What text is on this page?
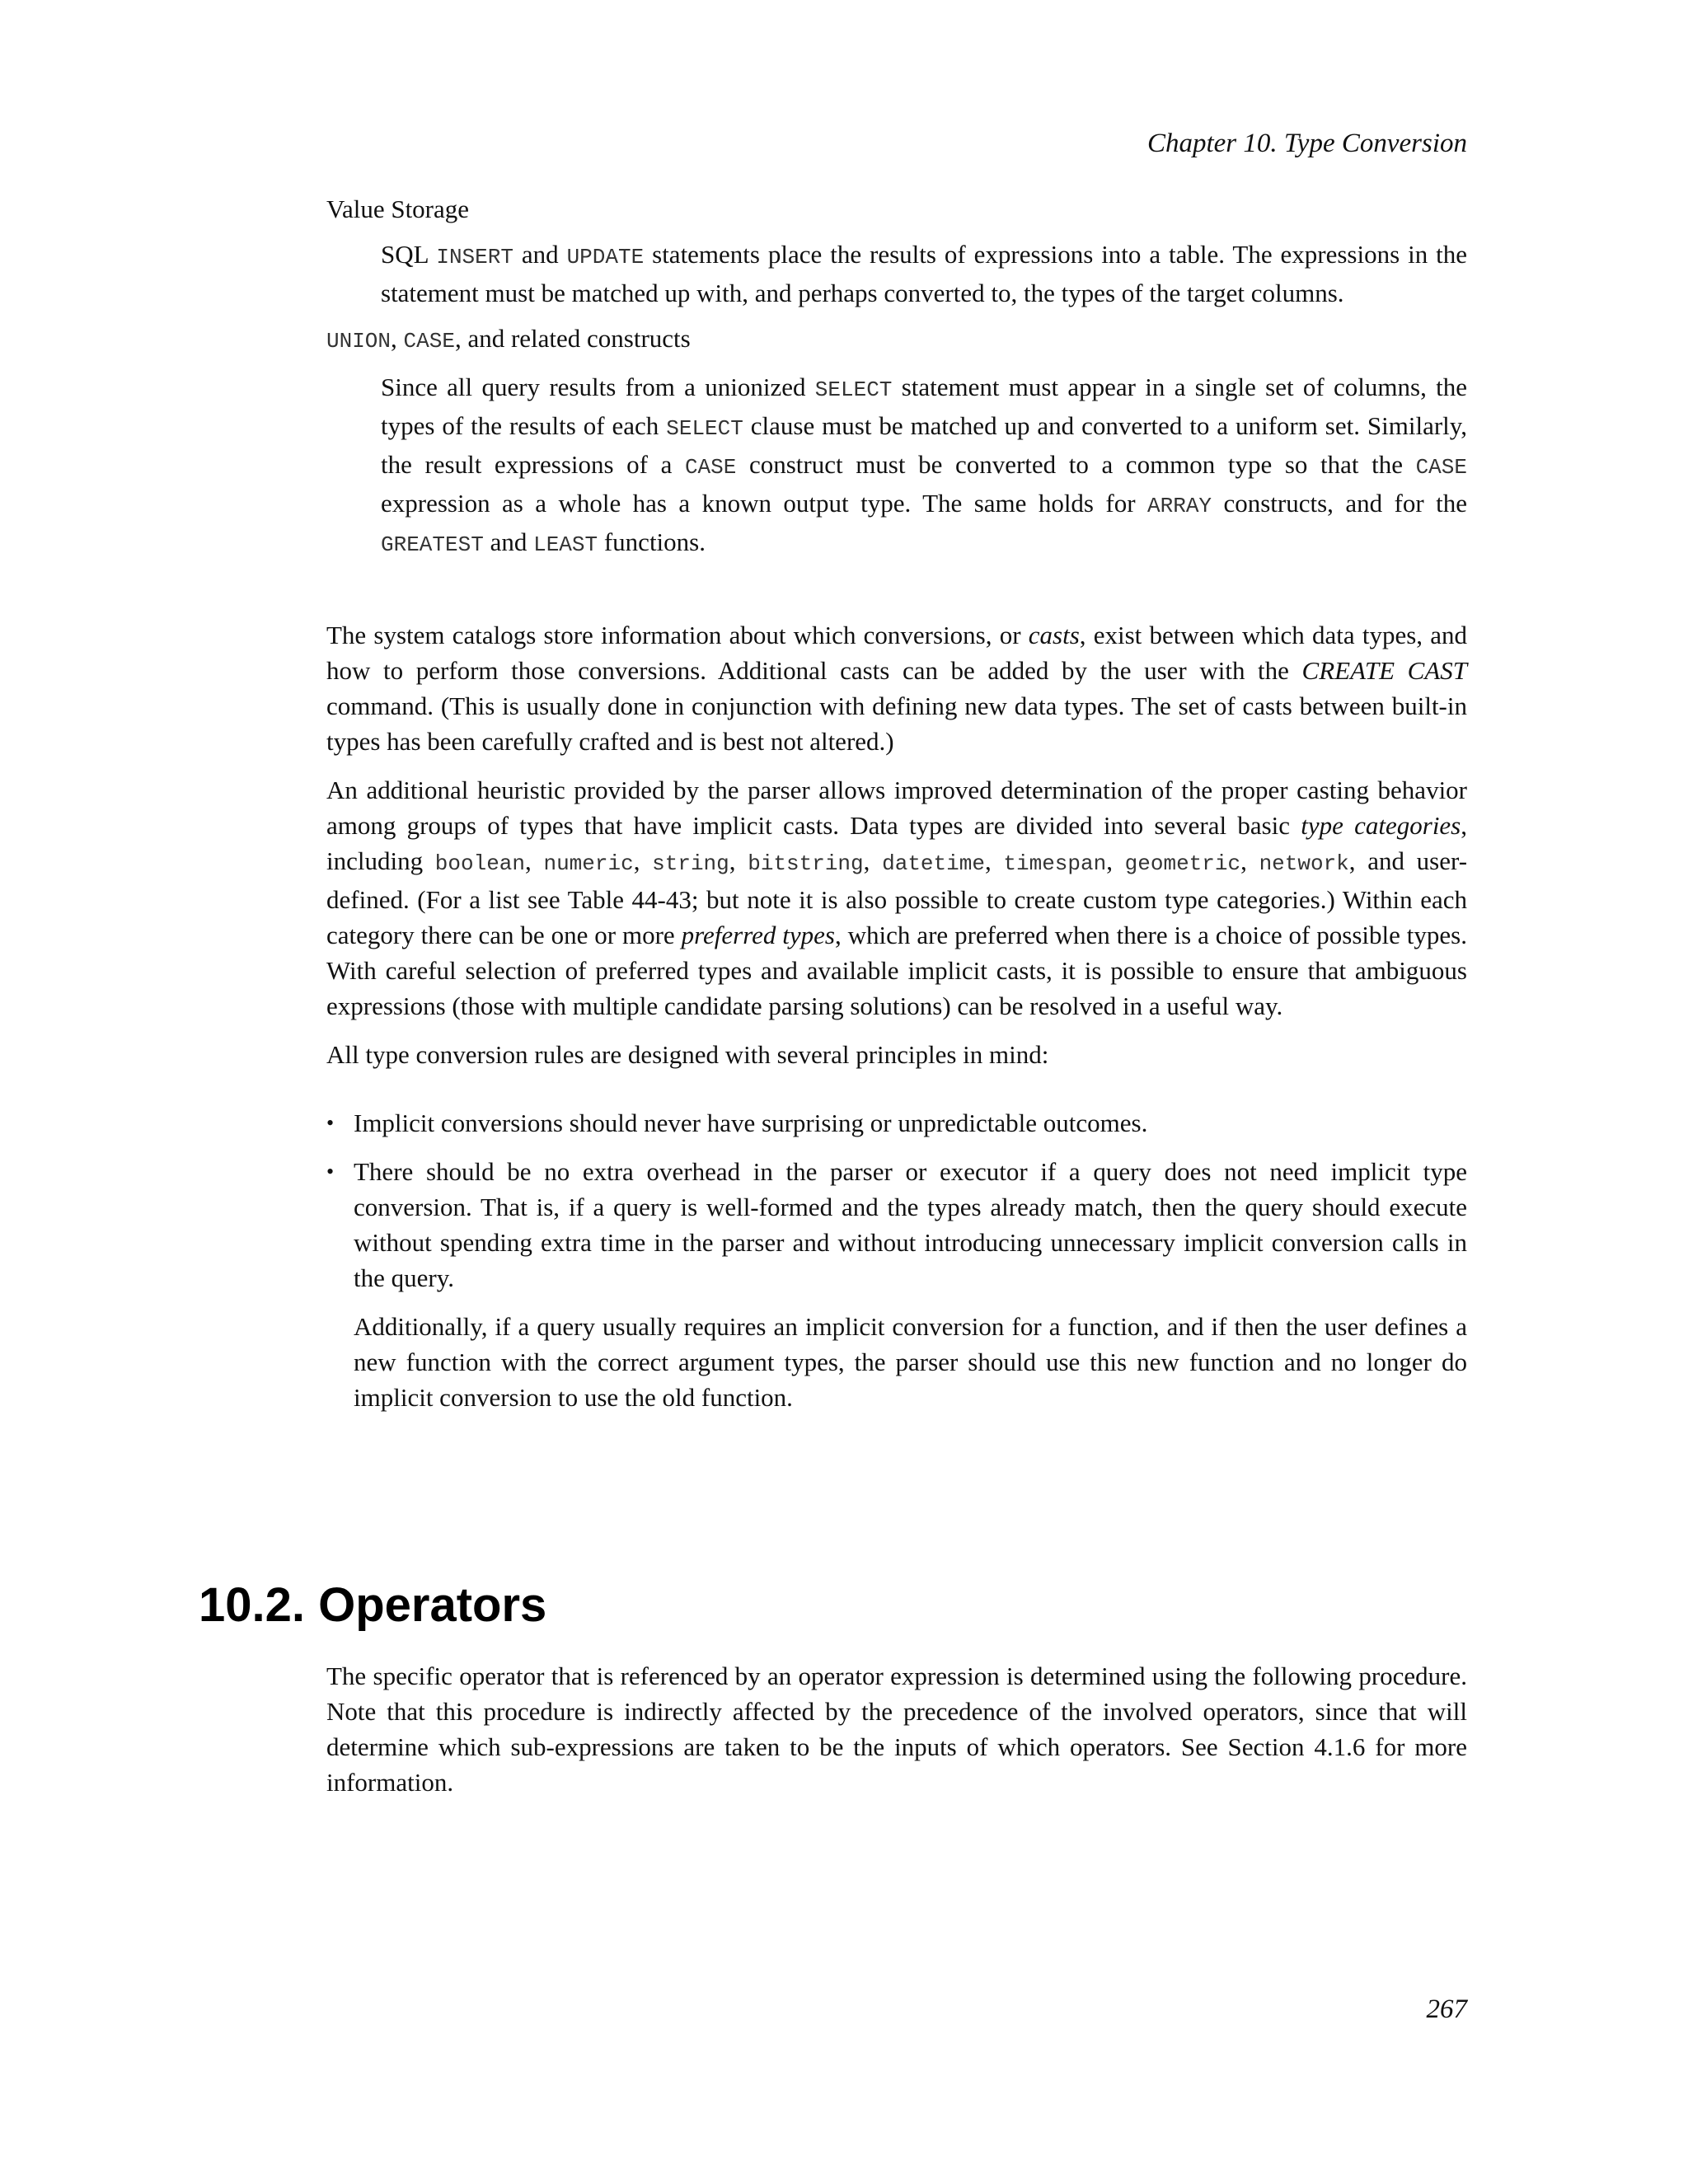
Chapter 10. Type Conversion

Value Storage

SQL INSERT and UPDATE statements place the results of expressions into a table. The expressions in the statement must be matched up with, and perhaps converted to, the types of the target columns.

UNION, CASE, and related constructs

Since all query results from a unionized SELECT statement must appear in a single set of columns, the types of the results of each SELECT clause must be matched up and converted to a uniform set. Similarly, the result expressions of a CASE construct must be converted to a common type so that the CASE expression as a whole has a known output type. The same holds for ARRAY constructs, and for the GREATEST and LEAST functions.

The system catalogs store information about which conversions, or casts, exist between which data types, and how to perform those conversions. Additional casts can be added by the user with the CREATE CAST command. (This is usually done in conjunction with defining new data types. The set of casts between built-in types has been carefully crafted and is best not altered.)

An additional heuristic provided by the parser allows improved determination of the proper casting behavior among groups of types that have implicit casts. Data types are divided into several basic type categories, including boolean, numeric, string, bitstring, datetime, timespan, geometric, network, and user-defined. (For a list see Table 44-43; but note it is also possible to create custom type categories.) Within each category there can be one or more preferred types, which are preferred when there is a choice of possible types. With careful selection of preferred types and available implicit casts, it is possible to ensure that ambiguous expressions (those with multiple candidate parsing solutions) can be resolved in a useful way.

All type conversion rules are designed with several principles in mind:

• Implicit conversions should never have surprising or unpredictable outcomes.

• There should be no extra overhead in the parser or executor if a query does not need implicit type conversion. That is, if a query is well-formed and the types already match, then the query should execute without spending extra time in the parser and without introducing unnecessary implicit conversion calls in the query.

Additionally, if a query usually requires an implicit conversion for a function, and if then the user defines a new function with the correct argument types, the parser should use this new function and no longer do implicit conversion to use the old function.

10.2. Operators

The specific operator that is referenced by an operator expression is determined using the following procedure. Note that this procedure is indirectly affected by the precedence of the involved operators, since that will determine which sub-expressions are taken to be the inputs of which operators. See Section 4.1.6 for more information.

267
